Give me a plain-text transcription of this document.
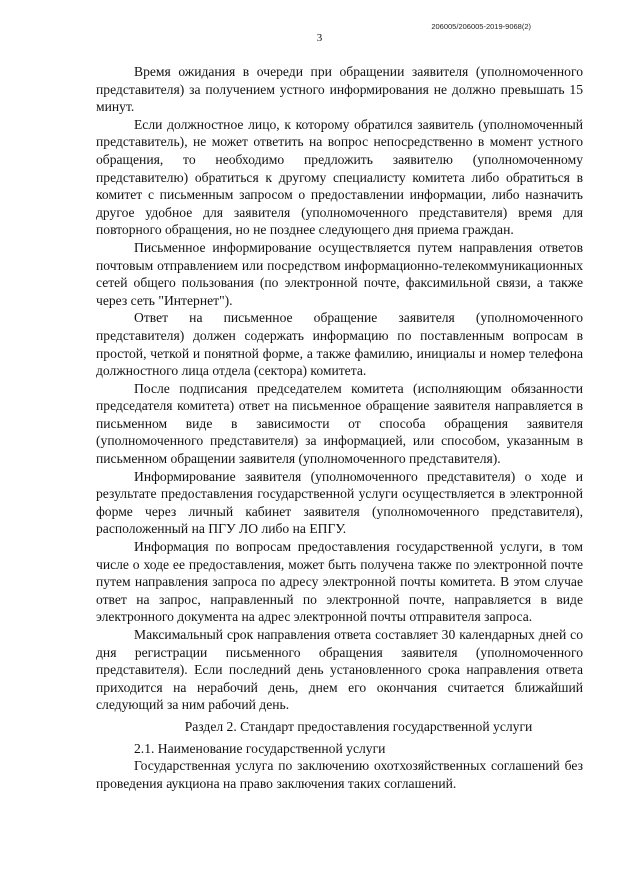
206005/206005-2019-9068(2)
3

Время ожидания в очереди при обращении заявителя (уполномоченного представителя) за получением устного информирования не должно превышать 15 минут.

Если должностное лицо, к которому обратился заявитель (уполномоченный представитель), не может ответить на вопрос непосредственно в момент устного обращения, то необходимо предложить заявителю (уполномоченному представителю) обратиться к другому специалисту комитета либо обратиться в комитет с письменным запросом о предоставлении информации, либо назначить другое удобное для заявителя (уполномоченного представителя) время для повторного обращения, но не позднее следующего дня приема граждан.

Письменное информирование осуществляется путем направления ответов почтовым отправлением или посредством информационно-телекоммуникационных сетей общего пользования (по электронной почте, факсимильной связи, а также через сеть "Интернет").

Ответ на письменное обращение заявителя (уполномоченного представителя) должен содержать информацию по поставленным вопросам в простой, четкой и понятной форме, а также фамилию, инициалы и номер телефона должностного лица отдела (сектора) комитета.

После подписания председателем комитета (исполняющим обязанности председателя комитета) ответ на письменное обращение заявителя направляется в письменном виде в зависимости от способа обращения заявителя (уполномоченного представителя) за информацией, или способом, указанным в письменном обращении заявителя (уполномоченного представителя).

Информирование заявителя (уполномоченного представителя) о ходе и результате предоставления государственной услуги осуществляется в электронной форме через личный кабинет заявителя (уполномоченного представителя), расположенный на ПГУ ЛО либо на ЕПГУ.

Информация по вопросам предоставления государственной услуги, в том числе о ходе ее предоставления, может быть получена также по электронной почте путем направления запроса по адресу электронной почты комитета. В этом случае ответ на запрос, направленный по электронной почте, направляется в виде электронного документа на адрес электронной почты отправителя запроса.

Максимальный срок направления ответа составляет 30 календарных дней со дня регистрации письменного обращения заявителя (уполномоченного представителя). Если последний день установленного срока направления ответа приходится на нерабочий день, днем его окончания считается ближайший следующий за ним рабочий день.

Раздел 2. Стандарт предоставления государственной услуги

2.1. Наименование государственной услуги

Государственная услуга по заключению охотхозяйственных соглашений без проведения аукциона на право заключения таких соглашений.
